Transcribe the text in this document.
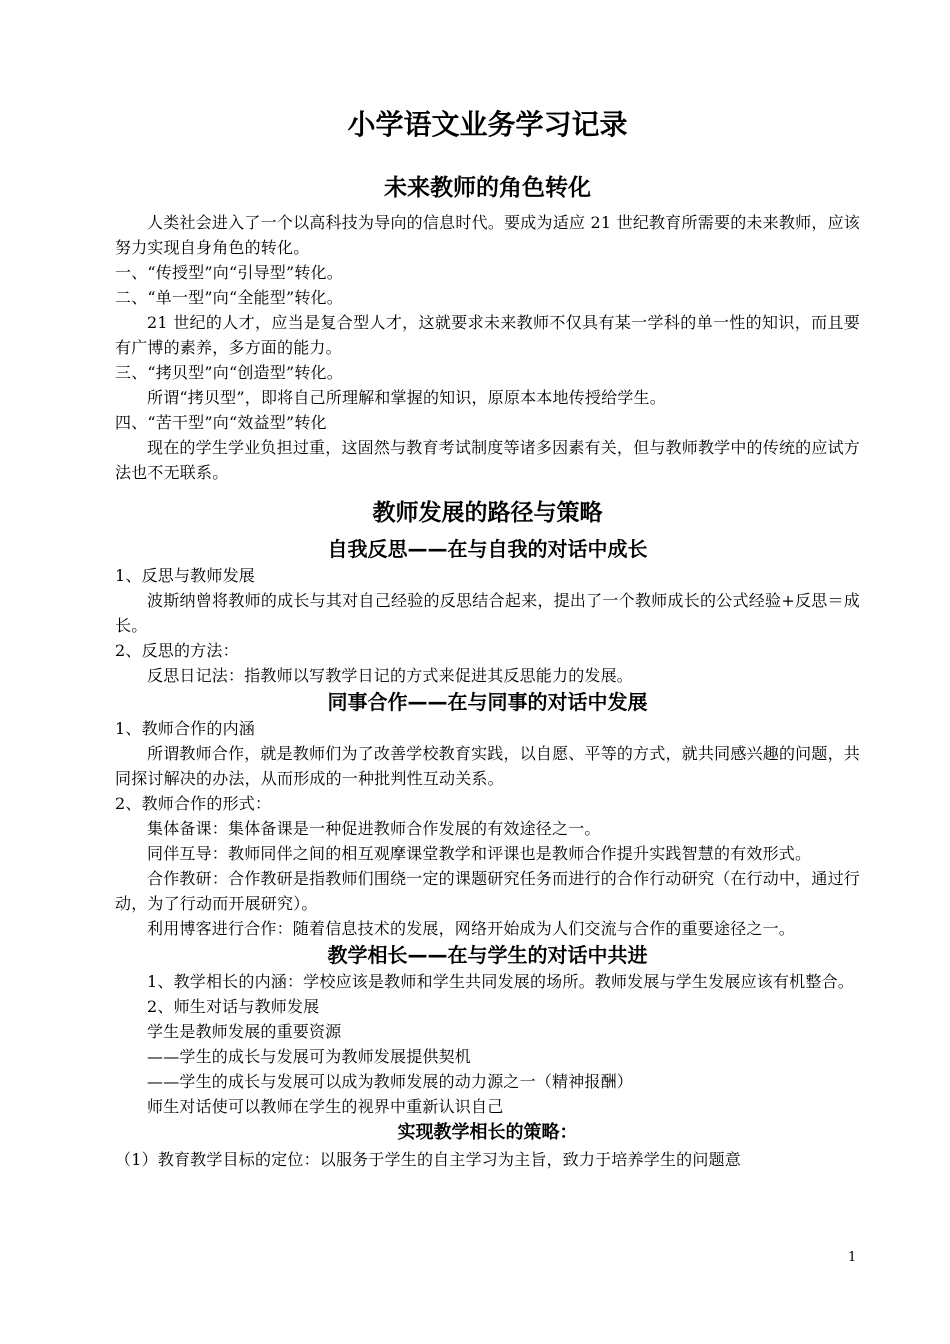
小学语文业务学习记录
未来教师的角色转化

人类社会进入了一个以高科技为导向的信息时代。要成为适应 21 世纪教育所需要的未来教师，应该努力实现自身角色的转化。

一、“传授型”向“引导型”转化。

二、“单一型”向“全能型”转化。

21 世纪的人才，应当是复合型人才，这就要求未来教师不仅具有某一学科的单一性的知识，而且要有广博的素养，多方面的能力。

三、“拷贝型”向“创造型”转化。

所谓“拷贝型”，即将自己所理解和掌握的知识，原原本本地传授给学生。

四、“苦干型”向“效益型”转化

现在的学生学业负担过重，这固然与教育考试制度等诸多因素有关，但与教师教学中的传统的应试方法也不无联系。

教师发展的路径与策略
自我反思——在与自我的对话中成长

1、反思与教师发展

波斯纳曾将教师的成长与其对自己经验的反思结合起来，提出了一个教师成长的公式经验+反思＝成长。

2、反思的方法：

反思日记法：指教师以写教学日记的方式来促进其反思能力的发展。

同事合作——在与同事的对话中发展

1、教师合作的内涵

所谓教师合作，就是教师们为了改善学校教育实践，以自愿、平等的方式，就共同感兴趣的问题，共同探讨解决的办法，从而形成的一种批判性互动关系。

2、教师合作的形式：

集体备课：集体备课是一种促进教师合作发展的有效途径之一。

同伴互导：教师同伴之间的相互观摩课堂教学和评课也是教师合作提升实践智慧的有效形式。

合作教研：合作教研是指教师们围绕一定的课题研究任务而进行的合作行动研究（在行动中，通过行动，为了行动而开展研究）。

利用博客进行合作：随着信息技术的发展，网络开始成为人们交流与合作的重要途径之一。

教学相长——在与学生的对话中共进

1、教学相长的内涵：学校应该是教师和学生共同发展的场所。教师发展与学生发展应该有机整合。

2、师生对话与教师发展

学生是教师发展的重要资源

——学生的成长与发展可为教师发展提供契机

——学生的成长与发展可以成为教师发展的动力源之一（精神报酬）

师生对话使可以教师在学生的视界中重新认识自己

实现教学相长的策略：

（1）教育教学目标的定位：以服务于学生的自主学习为主旨，致力于培养学生的问题意

1
